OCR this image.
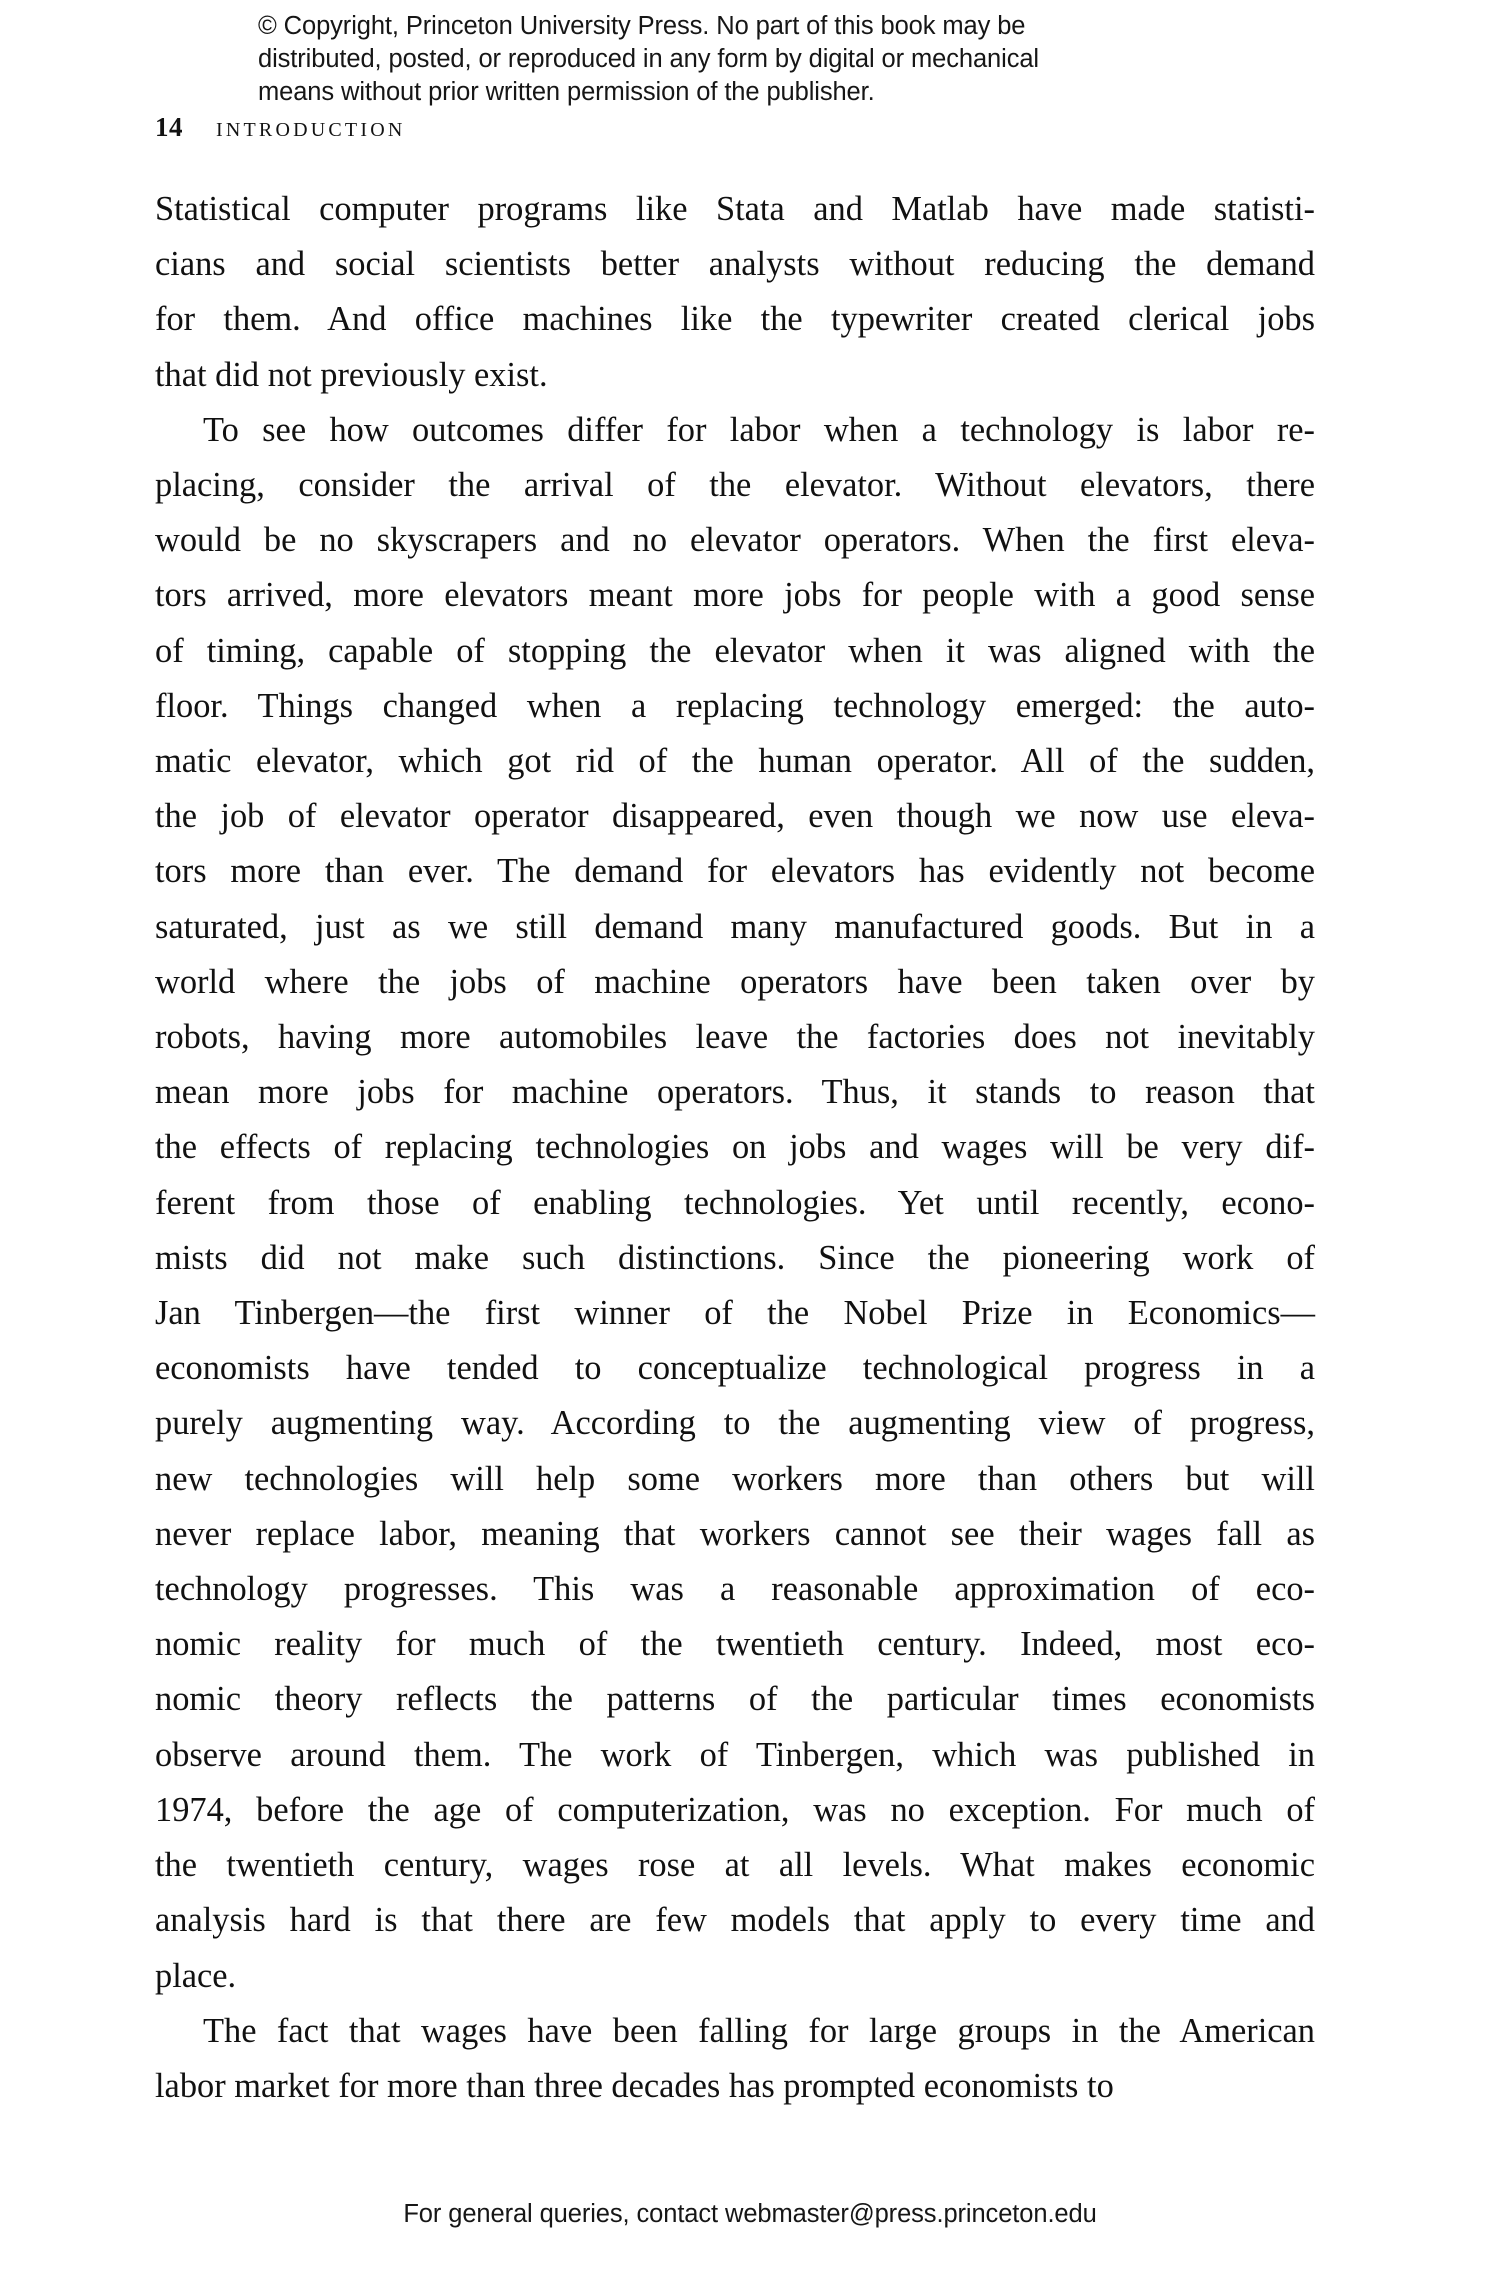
© Copyright, Princeton University Press. No part of this book may be
distributed, posted, or reproduced in any form by digital or mechanical
means without prior written permission of the publisher.
14 INTRODUCTION

Statistical computer programs like Stata and Matlab have made statisti-
cians and social scientists better analysts without reducing the demand
for them. And office machines like the typewriter created clerical jobs
that did not previously exist.

To see how outcomes differ for labor when a technology is labor re-
placing, consider the arrival of the elevator. Without elevators, there
would be no skyscrapers and no elevator operators. When the first eleva-
tors arrived, more elevators meant more jobs for people with a good sense
of timing, capable of stopping the elevator when it was aligned with the
floor. Things changed when a replacing technology emerged: the auto-
matic elevator, which got rid of the human operator. All of the sudden,
the job of elevator operator disappeared, even though we now use eleva-
tors more than ever. The demand for elevators has evidently not become
saturated, just as we still demand many manufactured goods. But in a
world where the jobs of machine operators have been taken over by
robots, having more automobiles leave the factories does not inevitably
mean more jobs for machine operators. Thus, it stands to reason that
the effects of replacing technologies on jobs and wages will be very dif-
ferent from those of enabling technologies. Yet until recently, econo-
mists did not make such distinctions. Since the pioneering work of
Jan Tinbergen—the first winner of the Nobel Prize in Economics—
economists have tended to conceptualize technological progress in a
purely augmenting way. According to the augmenting view of progress,
new technologies will help some workers more than others but will
never replace labor, meaning that workers cannot see their wages fall as
technology progresses. This was a reasonable approximation of eco-
nomic reality for much of the twentieth century. Indeed, most eco-
nomic theory reflects the patterns of the particular times economists
observe around them. The work of Tinbergen, which was published in
1974, before the age of computerization, was no exception. For much of
the twentieth century, wages rose at all levels. What makes economic
analysis hard is that there are few models that apply to every time and
place.

The fact that wages have been falling for large groups in the American
labor market for more than three decades has prompted economists to

For general queries, contact webmaster@press.princeton.edu
